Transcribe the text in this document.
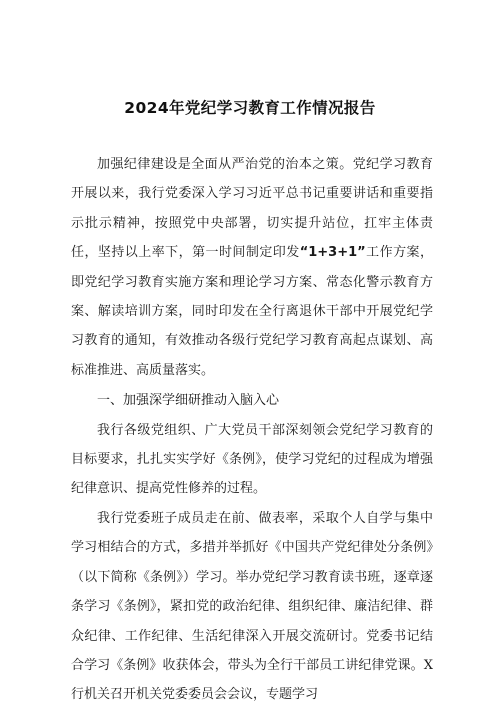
2024年党纪学习教育工作情况报告

加强纪律建设是全面从严治党的治本之策。党纪学习教育开展以来，我行党委深入学习习近平总书记重要讲话和重要指示批示精神，按照党中央部署，切实提升站位，扛牢主体责任，坚持以上率下，第一时间制定印发“1+3+1”工作方案，即党纪学习教育实施方案和理论学习方案、常态化警示教育方案、解读培训方案，同时印发在全行离退休干部中开展党纪学习教育的通知，有效推动各级行党纪学习教育高起点谋划、高标准推进、高质量落实。

一、加强深学细研推动入脑入心

我行各级党组织、广大党员干部深刻领会党纪学习教育的目标要求，扎扎实实学好《条例》，使学习党纪的过程成为增强纪律意识、提高党性修养的过程。

我行党委班子成员走在前、做表率，采取个人自学与集中学习相结合的方式，多措并举抓好《中国共产党纪律处分条例》（以下简称《条例》）学习。举办党纪学习教育读书班，逐章逐条学习《条例》，紧扣党的政治纪律、组织纪律、廉洁纪律、群众纪律、工作纪律、生活纪律深入开展交流研讨。党委书记结合学习《条例》收获体会，带头为全行干部员工讲纪律党课。X行机关召开机关党委委员会会议，专题学习
